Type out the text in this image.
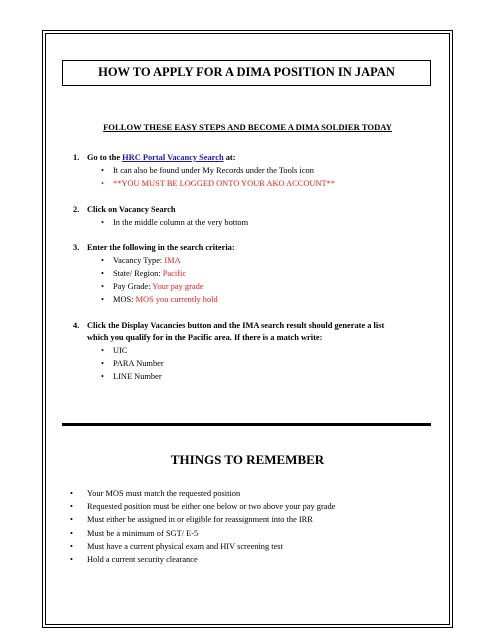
HOW TO APPLY FOR A DIMA POSITION IN JAPAN
FOLLOW THESE EASY STEPS AND BECOME A DIMA SOLDIER TODAY
1. Go to the HRC Portal Vacancy Search at:
• It can also be found under My Records under the Tools icon
• **YOU MUST BE LOGGED ONTO YOUR AKO ACCOUNT**
2. Click on Vacancy Search
• In the middle column at the very bottom
3. Enter the following in the search criteria:
• Vacancy Type: IMA
• State/ Region: Pacific
• Pay Grade: Your pay grade
• MOS: MOS you currently hold
4. Click the Display Vacancies button and the IMA search result should generate a list which you qualify for in the Pacific area. If there is a match write:
• UIC
• PARA Number
• LINE Number
THINGS TO REMEMBER
• Your MOS must match the requested position
• Requested position must be either one below or two above your pay grade
• Must either be assigned in or eligible for reassignment into the IRR
• Must be a minimum of SGT/ E-5
• Must have a current physical exam and HIV screening test
• Hold a current security clearance
